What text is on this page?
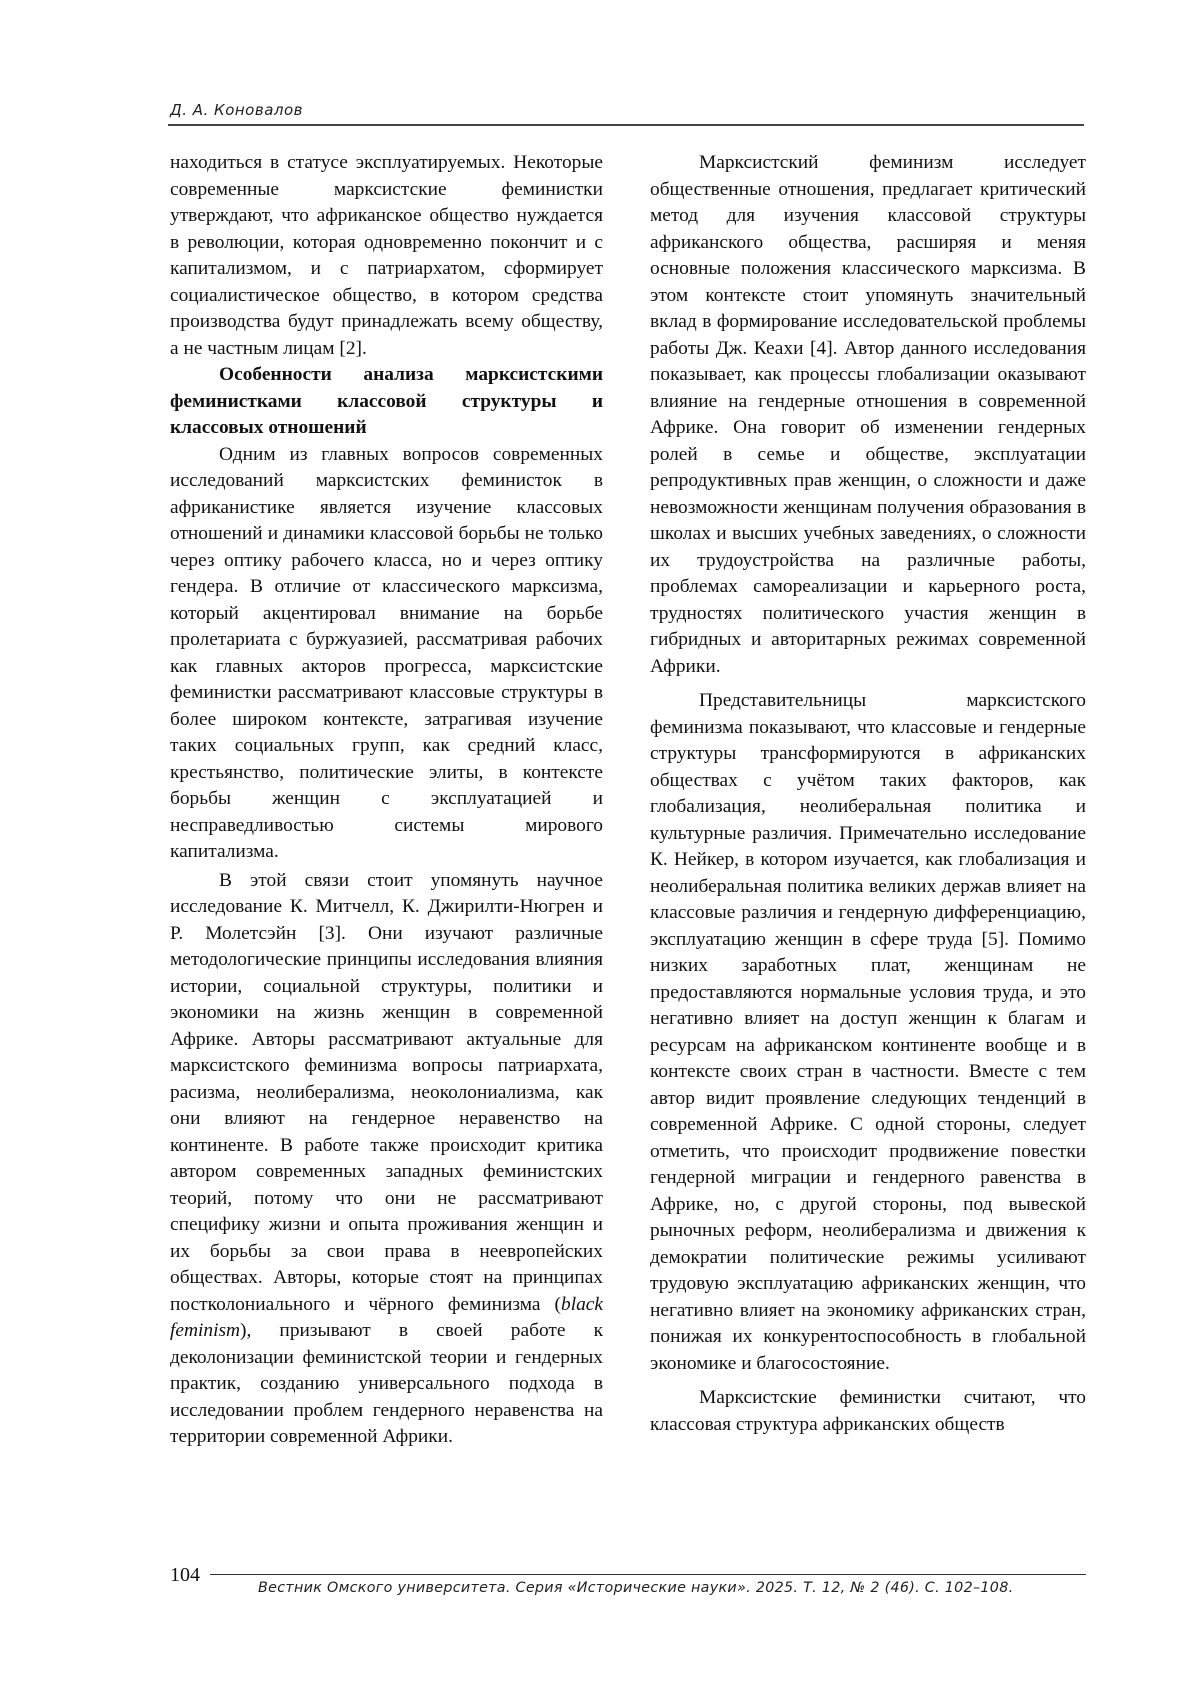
Д. А. Коновалов

находиться в статусе эксплуатируемых. Некоторые современные марксистские феминистки утверждают, что африканское общество нуждается в революции, которая одновременно покончит и с капитализмом, и с патриархатом, сформирует социалистическое общество, в котором средства производства будут принадлежать всему обществу, а не частным лицам [2].

Особенности анализа марксистскими феминистками классовой структуры и классовых отношений

Одним из главных вопросов современных исследований марксистских феминисток в африканистике является изучение классовых отношений и динамики классовой борьбы не только через оптику рабочего класса, но и через оптику гендера. В отличие от классического марксизма, который акцентировал внимание на борьбе пролетариата с буржуазией, рассматривая рабочих как главных акторов прогресса, марксистские феминистки рассматривают классовые структуры в более широком контексте, затрагивая изучение таких социальных групп, как средний класс, крестьянство, политические элиты, в контексте борьбы женщин с эксплуатацией и несправедливостью системы мирового капитализма.

В этой связи стоит упомянуть научное исследование К. Митчелл, К. Джирилти-Нюгрен и Р. Молетсэйн [3]. Они изучают различные методологические принципы исследования влияния истории, социальной структуры, политики и экономики на жизнь женщин в современной Африке. Авторы рассматривают актуальные для марксистского феминизма вопросы патриархата, расизма, неолиберализма, неоколониализма, как они влияют на гендерное неравенство на континенте. В работе также происходит критика автором современных западных феминистских теорий, потому что они не рассматривают специфику жизни и опыта проживания женщин и их борьбы за свои права в неевропейских обществах. Авторы, которые стоят на принципах постколониального и чёрного феминизма (black feminism), призывают в своей работе к деколонизации феминистской теории и гендерных практик, созданию универсального подхода в исследовании проблем гендерного неравенства на территории современной Африки.

Марксистский феминизм исследует общественные отношения, предлагает критический метод для изучения классовой структуры африканского общества, расширяя и меняя основные положения классического марксизма. В этом контексте стоит упомянуть значительный вклад в формирование исследовательской проблемы работы Дж. Кеахи [4]. Автор данного исследования показывает, как процессы глобализации оказывают влияние на гендерные отношения в современной Африке. Она говорит об изменении гендерных ролей в семье и обществе, эксплуатации репродуктивных прав женщин, о сложности и даже невозможности женщинам получения образования в школах и высших учебных заведениях, о сложности их трудоустройства на различные работы, проблемах самореализации и карьерного роста, трудностях политического участия женщин в гибридных и авторитарных режимах современной Африки.

Представительницы марксистского феминизма показывают, что классовые и гендерные структуры трансформируются в африканских обществах с учётом таких факторов, как глобализация, неолиберальная политика и культурные различия. Примечательно исследование К. Нейкер, в котором изучается, как глобализация и неолиберальная политика великих держав влияет на классовые различия и гендерную дифференциацию, эксплуатацию женщин в сфере труда [5]. Помимо низких заработных плат, женщинам не предоставляются нормальные условия труда, и это негативно влияет на доступ женщин к благам и ресурсам на африканском континенте вообще и в контексте своих стран в частности. Вместе с тем автор видит проявление следующих тенденций в современной Африке. С одной стороны, следует отметить, что происходит продвижение повестки гендерной миграции и гендерного равенства в Африке, но, с другой стороны, под вывеской рыночных реформ, неолиберализма и движения к демократии политические режимы усиливают трудовую эксплуатацию африканских женщин, что негативно влияет на экономику африканских стран, понижая их конкурентоспособность в глобальной экономике и благосостояние.

Марксистские феминистки считают, что классовая структура африканских обществ

104
Вестник Омского университета. Серия «Исторические науки». 2025. Т. 12, № 2 (46). С. 102–108.
